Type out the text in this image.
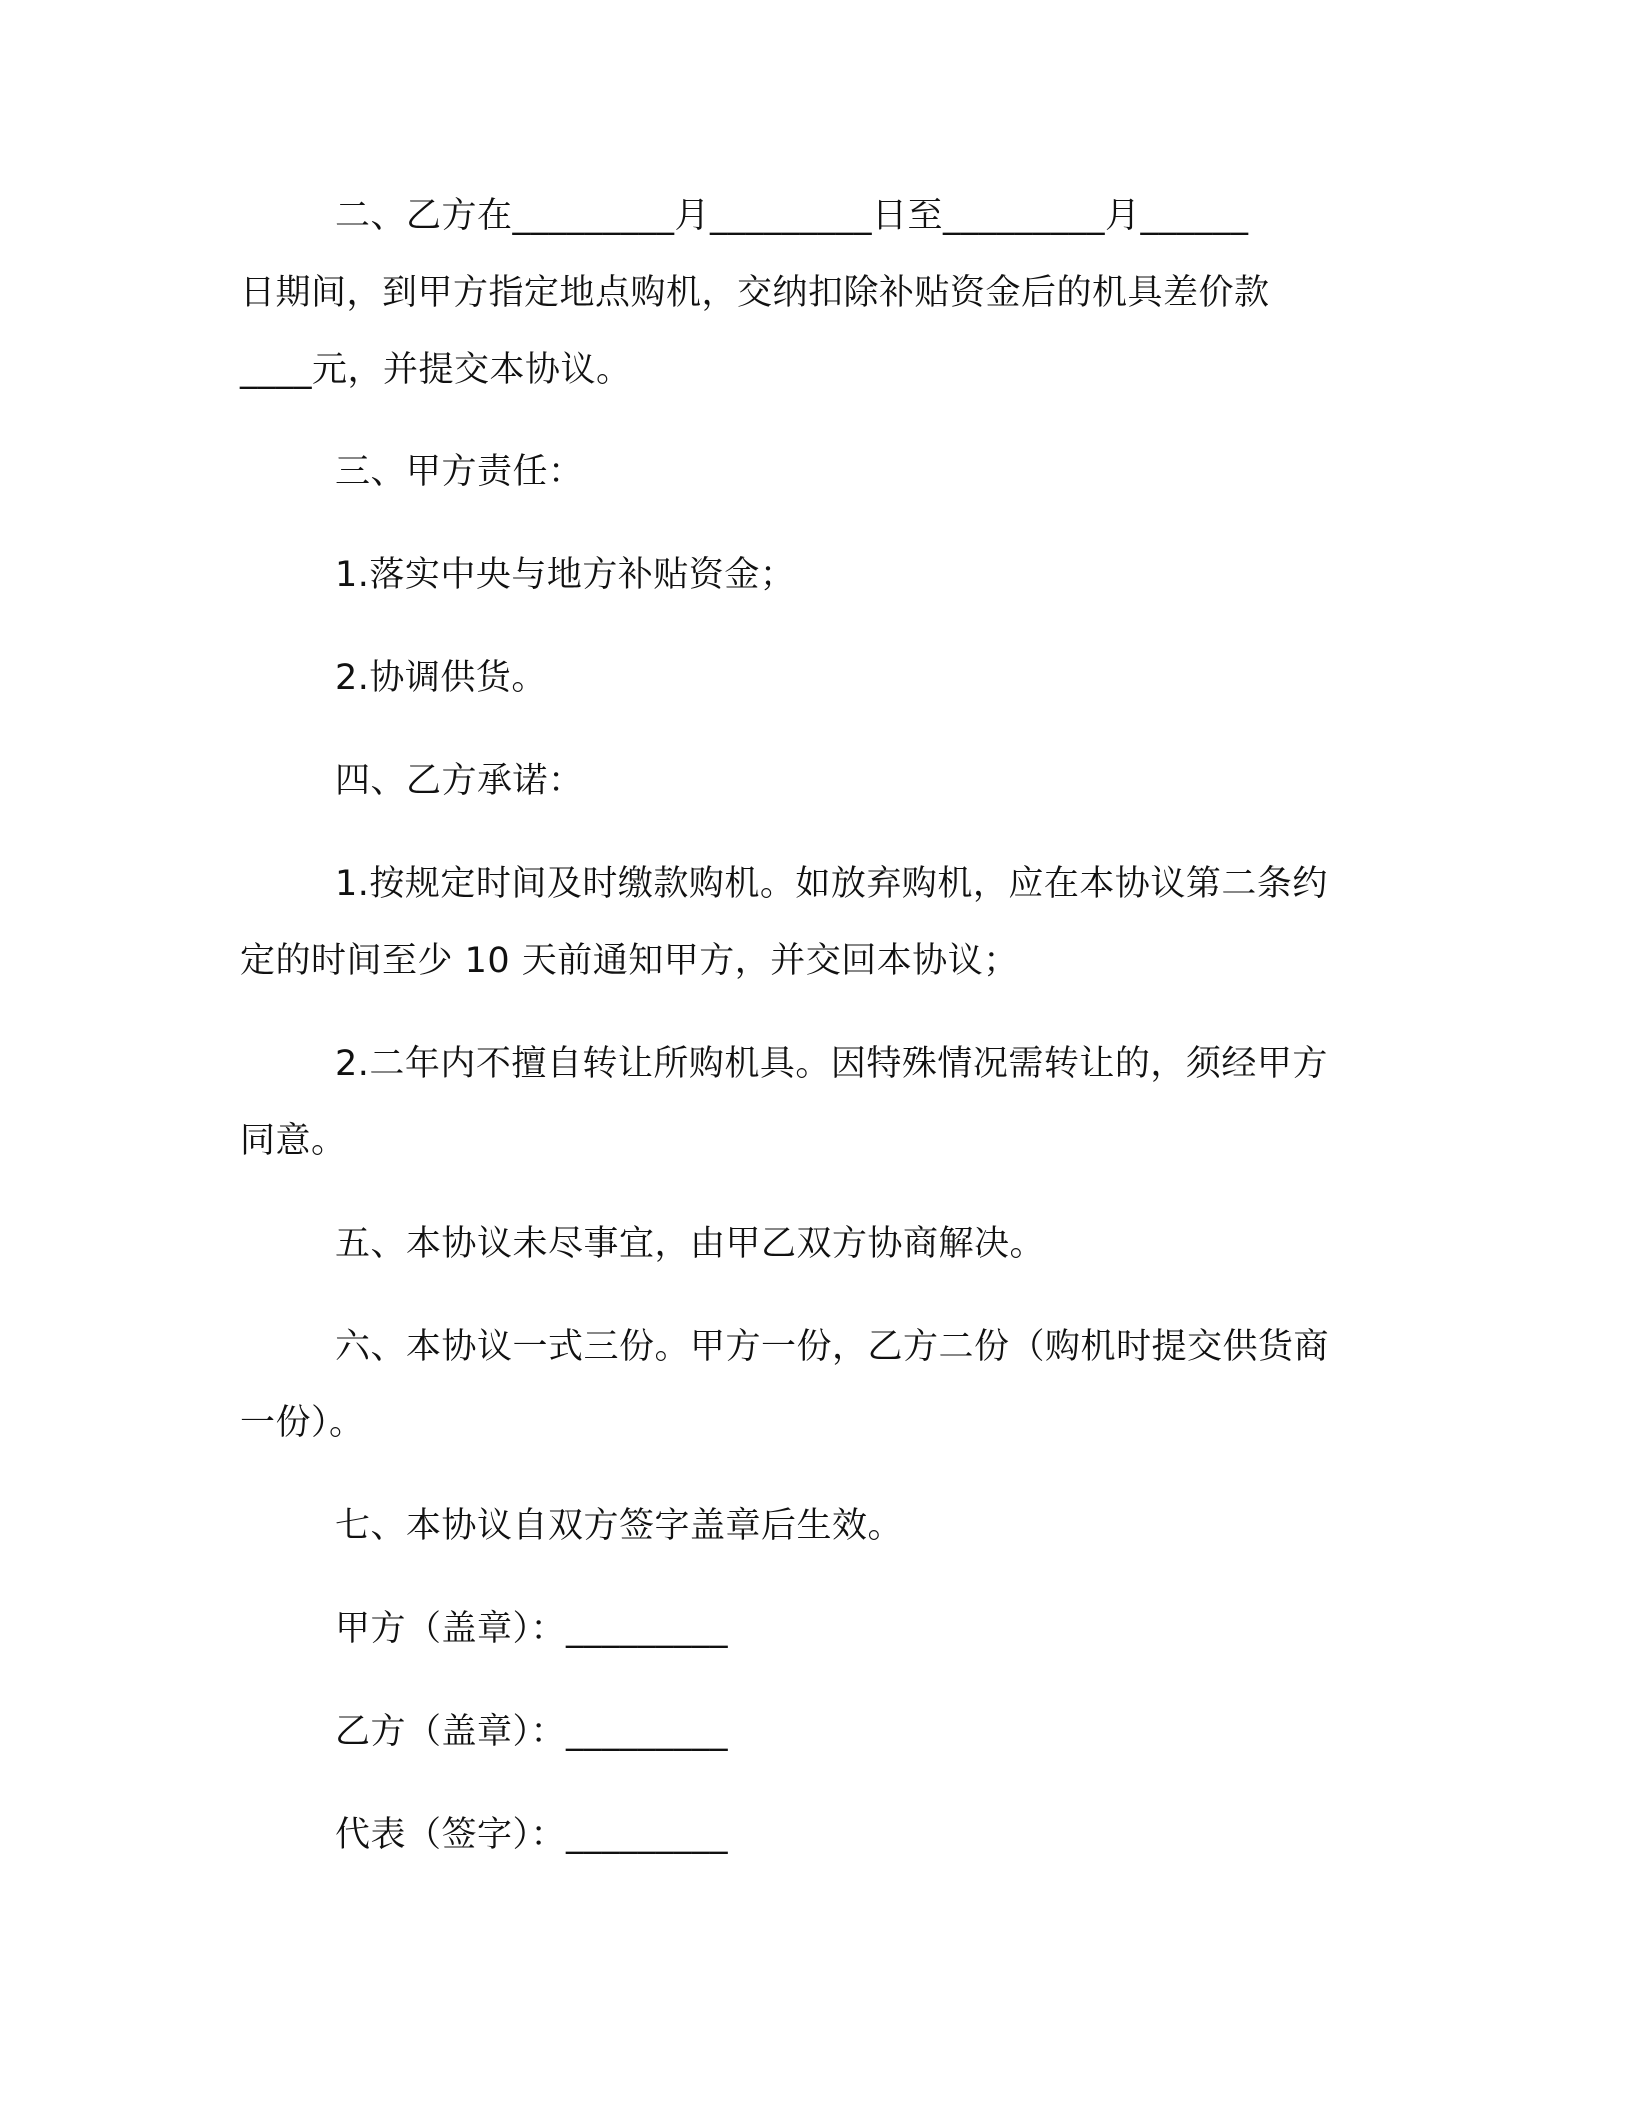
二、乙方在_________月_________日至_________月______

日期间，到甲方指定地点购机，交纳扣除补贴资金后的机具差价款

____元，并提交本协议。

三、甲方责任：

1.落实中央与地方补贴资金；

2.协调供货。

四、乙方承诺：

1.按规定时间及时缴款购机。如放弃购机，应在本协议第二条约

定的时间至少 10 天前通知甲方，并交回本协议；

2.二年内不擅自转让所购机具。因特殊情况需转让的，须经甲方

同意。

五、本协议未尽事宜，由甲乙双方协商解决。

六、本协议一式三份。甲方一份，乙方二份（购机时提交供货商

一份）。

七、本协议自双方签字盖章后生效。

甲方（盖章）：_________

乙方（盖章）：_________

代表（签字）：_________
